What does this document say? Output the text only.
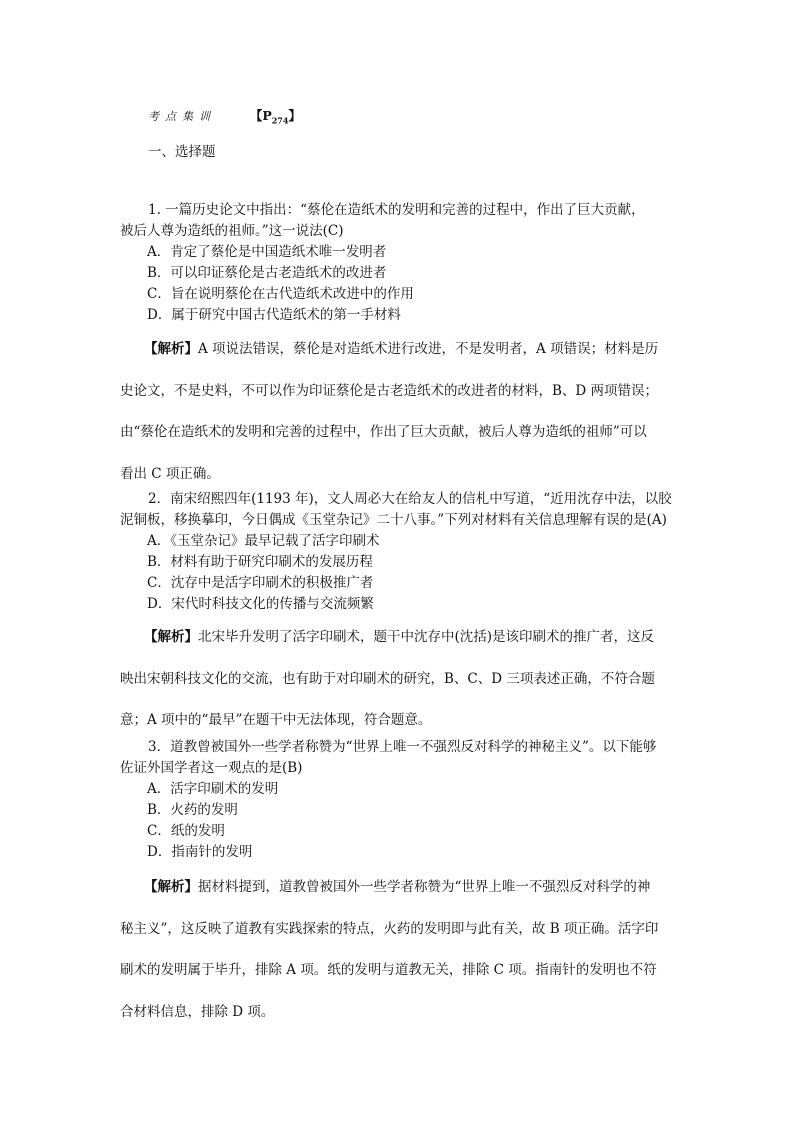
考点集训	【$P_{274}$】
一、选择题
1. 一篇历史论文中指出：“蔡伦在造纸术的发明和完善的过程中，作出了巨大贡献，
被后人尊为造纸的祖师。”这一说法(C)
A．肯定了蔡伦是中国造纸术唯一发明者
B．可以印证蔡伦是古老造纸术的改进者
C．旨在说明蔡伦在古代造纸术改进中的作用
D．属于研究中国古代造纸术的第一手材料
【解析】A 项说法错误，蔡伦是对造纸术进行改进，不是发明者，A 项错误；材料是历
史论文，不是史料，不可以作为印证蔡伦是古老造纸术的改进者的材料，B、D 两项错误；
由“蔡伦在造纸术的发明和完善的过程中，作出了巨大贡献，被后人尊为造纸的祖师”可以
看出 C 项正确。
2．南宋绍熙四年(1193 年)，文人周必大在给友人的信札中写道，“近用沈存中法，以胶
泥铜板，移换摹印，今日偶成《玉堂杂记》二十八事。”下列对材料有关信息理解有误的是(A)
A．《玉堂杂记》最早记载了活字印刷术
B．材料有助于研究印刷术的发展历程
C．沈存中是活字印刷术的积极推广者
D．宋代时科技文化的传播与交流频繁
【解析】北宋毕升发明了活字印刷术，题干中沈存中(沈括)是该印刷术的推广者，这反
映出宋朝科技文化的交流，也有助于对印刷术的研究，B、C、D 三项表述正确，不符合题
意；A 项中的“最早”在题干中无法体现，符合题意。
3．道教曾被国外一些学者称赞为“世界上唯一不强烈反对科学的神秘主义”。以下能够
佐证外国学者这一观点的是(B)
A．活字印刷术的发明
B．火药的发明
C．纸的发明
D．指南针的发明
【解析】据材料提到，道教曾被国外一些学者称赞为“世界上唯一不强烈反对科学的神
秘主义”，这反映了道教有实践探索的特点，火药的发明即与此有关，故 B 项正确。活字印
刷术的发明属于毕升，排除 A 项。纸的发明与道教无关，排除 C 项。指南针的发明也不符
合材料信息，排除 D 项。
